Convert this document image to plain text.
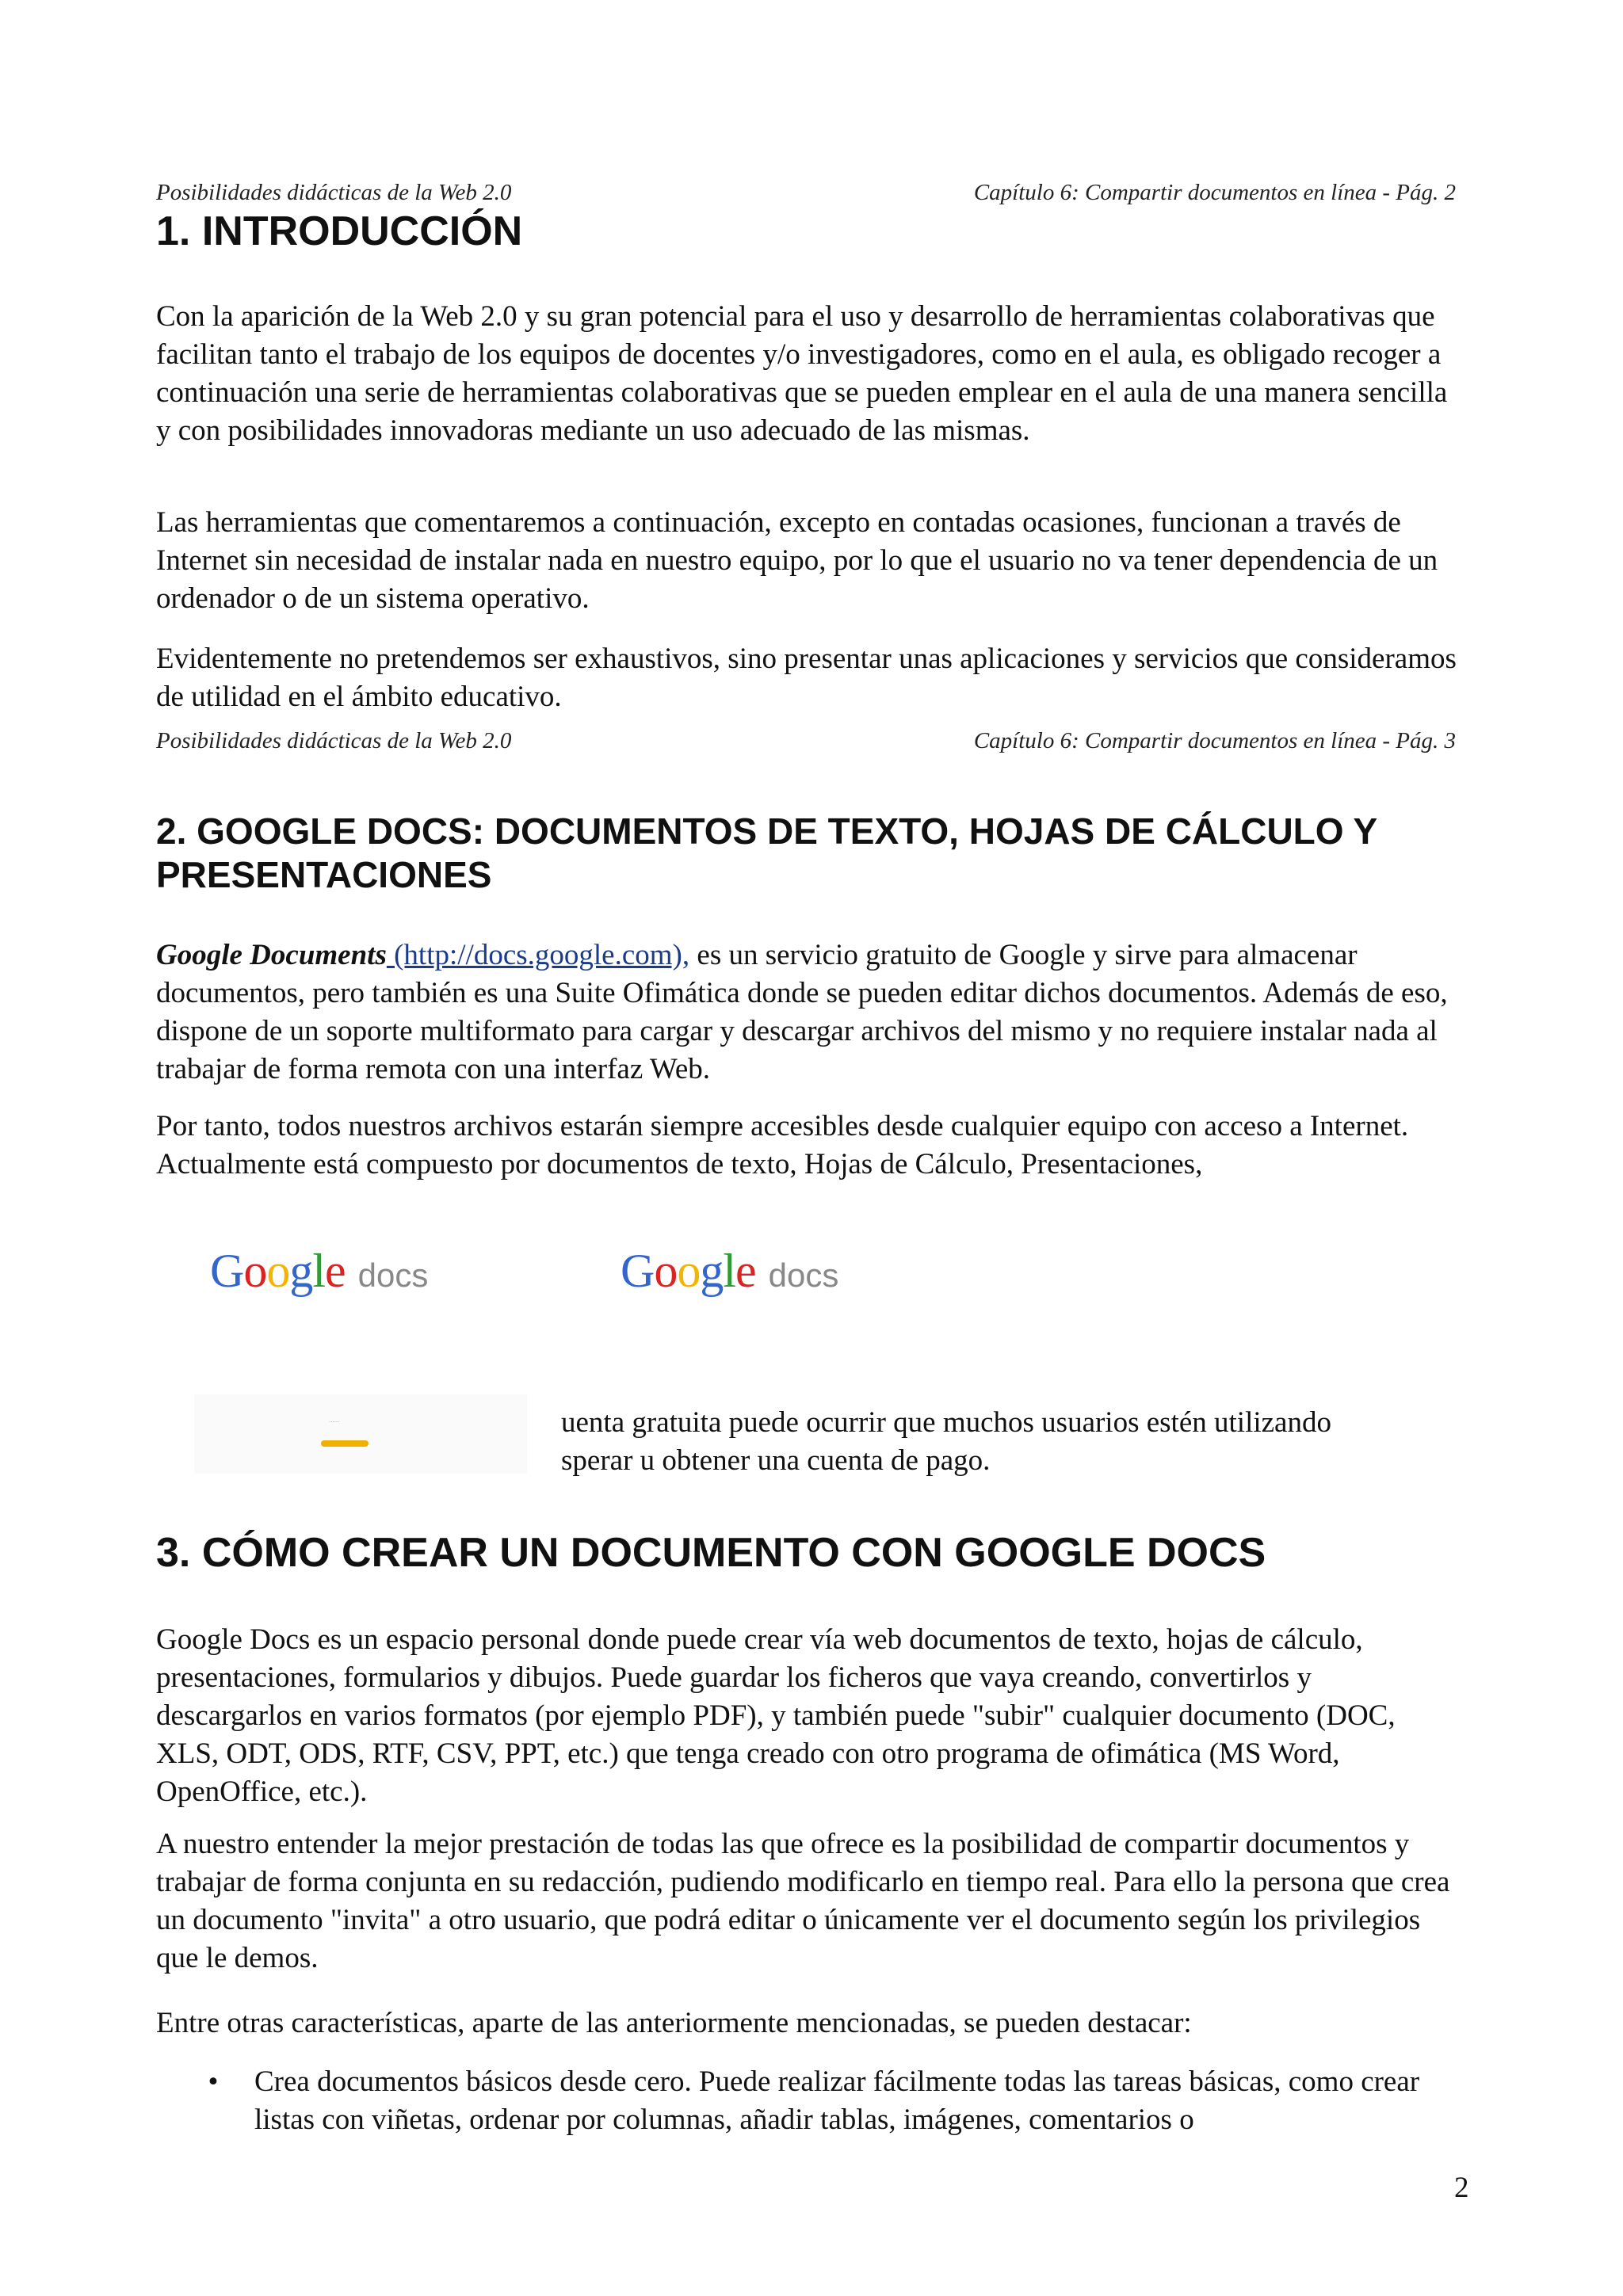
Posibilidades didácticas de la Web 2.0	Capítulo 6: Compartir documentos en línea - Pág. 2
1. INTRODUCCIÓN

Con la aparición de la Web 2.0 y su gran potencial para el uso y desarrollo de herramientas colaborativas que facilitan tanto el trabajo de los equipos de docentes y/o investigadores, como en el aula, es obligado recoger a continuación una serie de herramientas colaborativas que se pueden emplear en el aula de una manera sencilla y con posibilidades innovadoras mediante un uso adecuado de las mismas.

Las herramientas que comentaremos a continuación, excepto en contadas ocasiones, funcionan a través de Internet sin necesidad de instalar nada en nuestro equipo, por lo que el usuario no va tener dependencia de un ordenador o de un sistema operativo.

Evidentemente no pretendemos ser exhaustivos, sino presentar unas aplicaciones y servicios que consideramos de utilidad en el ámbito educativo.

Posibilidades didácticas de la Web 2.0	Capítulo 6: Compartir documentos en línea - Pág. 3
2. GOOGLE DOCS: DOCUMENTOS DE TEXTO, HOJAS DE CÁLCULO Y
PRESENTACIONES

Google Documents (http://docs.google.com), es un servicio gratuito de Google y sirve para almacenar documentos, pero también es una Suite Ofimática donde se pueden editar dichos documentos. Además de eso, dispone de un soporte multiformato para cargar y descargar archivos del mismo y no requiere instalar nada al trabajar de forma remota con una interfaz Web.

Por tanto, todos nuestros archivos estarán siempre accesibles desde cualquier equipo con acceso a Internet. Actualmente está compuesto por documentos de texto, Hojas de Cálculo, Presentaciones,

G o o g l e docs	G o o g l e docs
......	uenta gratuita puede ocurrir que muchos usuarios estén utilizando
sperar u obtener una cuenta de pago.

3. CÓMO CREAR UN DOCUMENTO CON GOOGLE DOCS

Google Docs es un espacio personal donde puede crear vía web documentos de texto, hojas de cálculo, presentaciones, formularios y dibujos. Puede guardar los ficheros que vaya creando, convertirlos y descargarlos en varios formatos (por ejemplo PDF), y también puede "subir" cualquier documento (DOC, XLS, ODT, ODS, RTF, CSV, PPT, etc.) que tenga creado con otro programa de ofimática (MS Word, OpenOffice, etc.).

A nuestro entender la mejor prestación de todas las que ofrece es la posibilidad de compartir documentos y trabajar de forma conjunta en su redacción, pudiendo modificarlo en tiempo real. Para ello la persona que crea un documento "invita" a otro usuario, que podrá editar o únicamente ver el documento según los privilegios que le demos.

Entre otras características, aparte de las anteriormente mencionadas, se pueden destacar:

•	Crea documentos básicos desde cero. Puede realizar fácilmente todas las tareas básicas, como crear listas con viñetas, ordenar por columnas, añadir tablas, imágenes, comentarios o
2
